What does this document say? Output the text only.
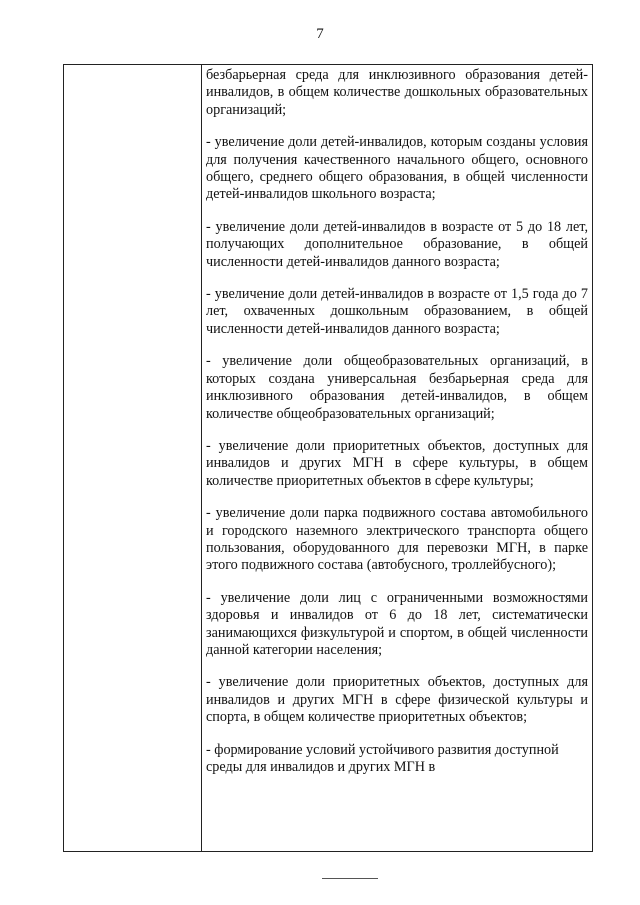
7

безбарьерная среда для инклюзивного образования детей-инвалидов, в общем количестве дошкольных образовательных организаций;

- увеличение доли детей-инвалидов, которым созданы условия для получения качественного начального общего, основного общего, среднего общего образования, в общей численности детей-инвалидов школьного возраста;

- увеличение доли детей-инвалидов в возрасте от 5 до 18 лет, получающих дополнительное образование, в общей численности детей-инвалидов данного возраста;

- увеличение доли детей-инвалидов в возрасте от 1,5 года до 7 лет, охваченных дошкольным образованием, в общей численности детей-инвалидов данного возраста;

- увеличение доли общеобразовательных организаций, в которых создана универсальная безбарьерная среда для инклюзивного образования детей-инвалидов, в общем количестве общеобразовательных организаций;

- увеличение доли приоритетных объектов, доступных для инвалидов и других МГН в сфере культуры, в общем количестве приоритетных объектов в сфере культуры;

- увеличение доли парка подвижного состава автомобильного и городского наземного электрического транспорта общего пользования, оборудованного для перевозки МГН, в парке этого подвижного состава (автобусного, троллейбусного);

- увеличение доли лиц с ограниченными возможностями здоровья и инвалидов от 6 до 18 лет, систематически занимающихся физкультурой и спортом, в общей численности данной категории населения;

- увеличение доли приоритетных объектов, доступных для инвалидов и других МГН в сфере физической культуры и спорта, в общем количестве приоритетных объектов;

- формирование условий устойчивого развития доступной среды для инвалидов и других МГН в
